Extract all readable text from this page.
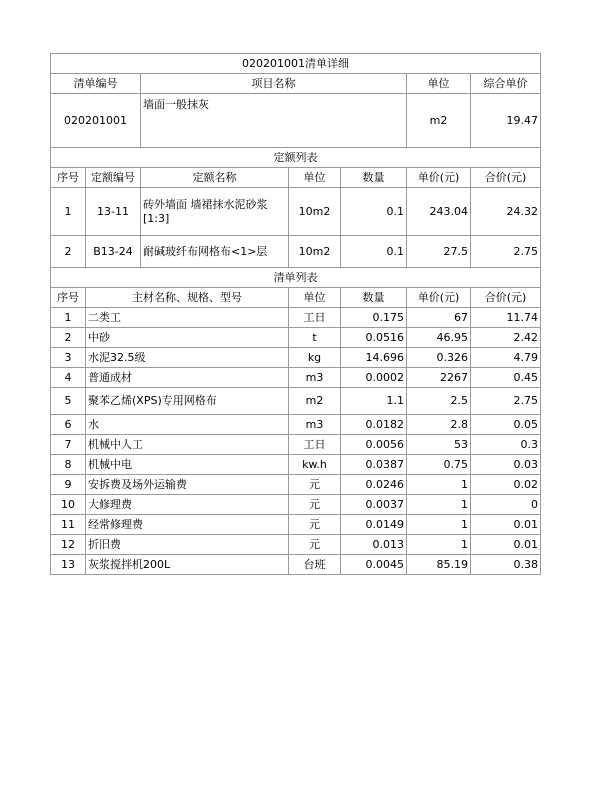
020201001清单详细						
清单编号		项目名称			单位	综合单价
020201001		墙面一般抹灰			m2	19.47
定额列表						
序号	定额编号	定额名称	单位	数量	单价(元)	合价(元)
1	13-11	砖外墙面 墙裙抹水泥砂浆[1:3]	10m2	0.1	243.04	24.32
2	B13-24	耐碱玻纤布网格布<1>层	10m2	0.1	27.5	2.75
清单列表						
序号	主材名称、规格、型号		单位	数量	单价(元)	合价(元)
1	二类工		工日	0.175	67	11.74
2	中砂		t	0.0516	46.95	2.42
3	水泥32.5级		kg	14.696	0.326	4.79
4	普通成材		m3	0.0002	2267	0.45
5	聚苯乙烯(XPS)专用网格布		m2	1.1	2.5	2.75
6	水		m3	0.0182	2.8	0.05
7	机械中人工		工日	0.0056	53	0.3
8	机械中电		kw.h	0.0387	0.75	0.03
9	安拆费及场外运输费		元	0.0246	1	0.02
10	大修理费		元	0.0037	1	0
11	经常修理费		元	0.0149	1	0.01
12	折旧费		元	0.013	1	0.01
13	灰浆搅拌机200L		台班	0.0045	85.19	0.38
